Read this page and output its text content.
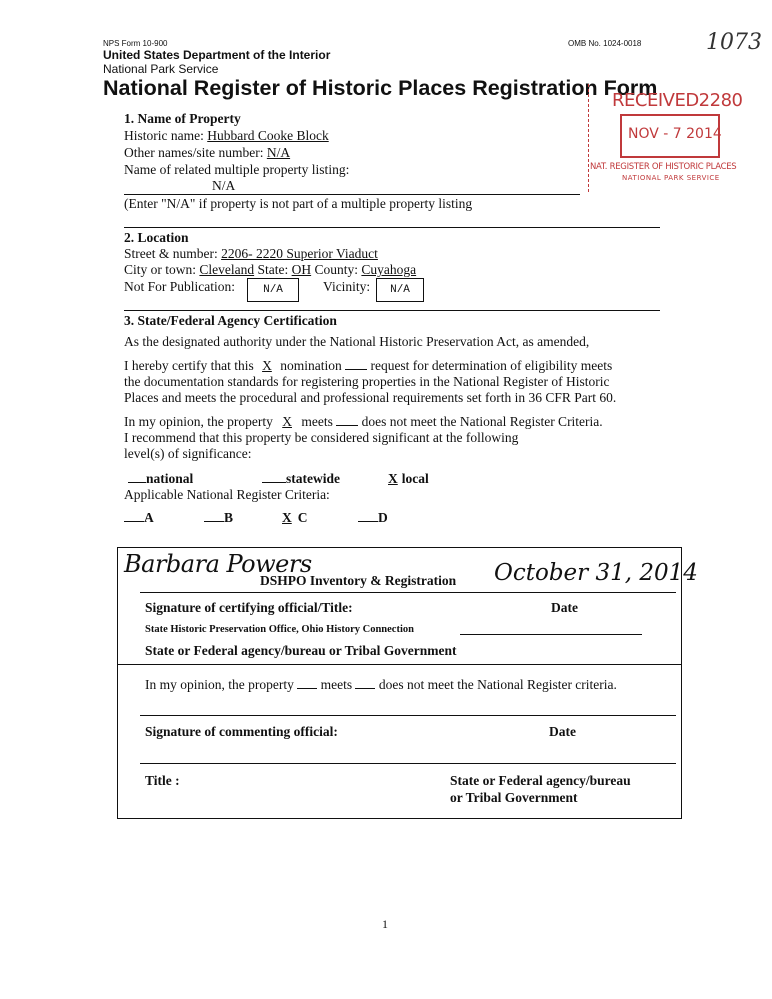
NPS Form 10-900
United States Department of the Interior
National Park Service
OMB No. 1024-0018	1073
National Register of Historic Places Registration Form
RECEIVED2280
NOV - 7 2014
NAT. REGISTER OF HISTORIC PLACES
NATIONAL PARK SERVICE
1. Name of Property
Historic name: Hubbard Cooke Block
Other names/site number: N/A
Name of related multiple property listing:
N/A
(Enter "N/A" if property is not part of a multiple property listing
2. Location
Street & number: 2206- 2220 Superior Viaduct
City or town: Cleveland State: OH County: Cuyahoga
Not For Publication:	N/A	Vicinity:	N/A
3. State/Federal Agency Certification
As the designated authority under the National Historic Preservation Act, as amended,
I hereby certify that this X nomination request for determination of eligibility meets
the documentation standards for registering properties in the National Register of Historic
Places and meets the procedural and professional requirements set forth in 36 CFR Part 60.
In my opinion, the property X meets does not meet the National Register Criteria.
I recommend that this property be considered significant at the following
level(s) of significance:
national	statewide	X local
Applicable National Register Criteria:
A	B	X C	D
Barbara Powers
DSHPO Inventory & Registration October 31, 2014
Signature of certifying official/Title:	Date
State Historic Preservation Office, Ohio History Connection
State or Federal agency/bureau or Tribal Government
In my opinion, the property meets does not meet the National Register criteria.
Signature of commenting official:	Date
Title :	State or Federal agency/bureau
or Tribal Government
1
